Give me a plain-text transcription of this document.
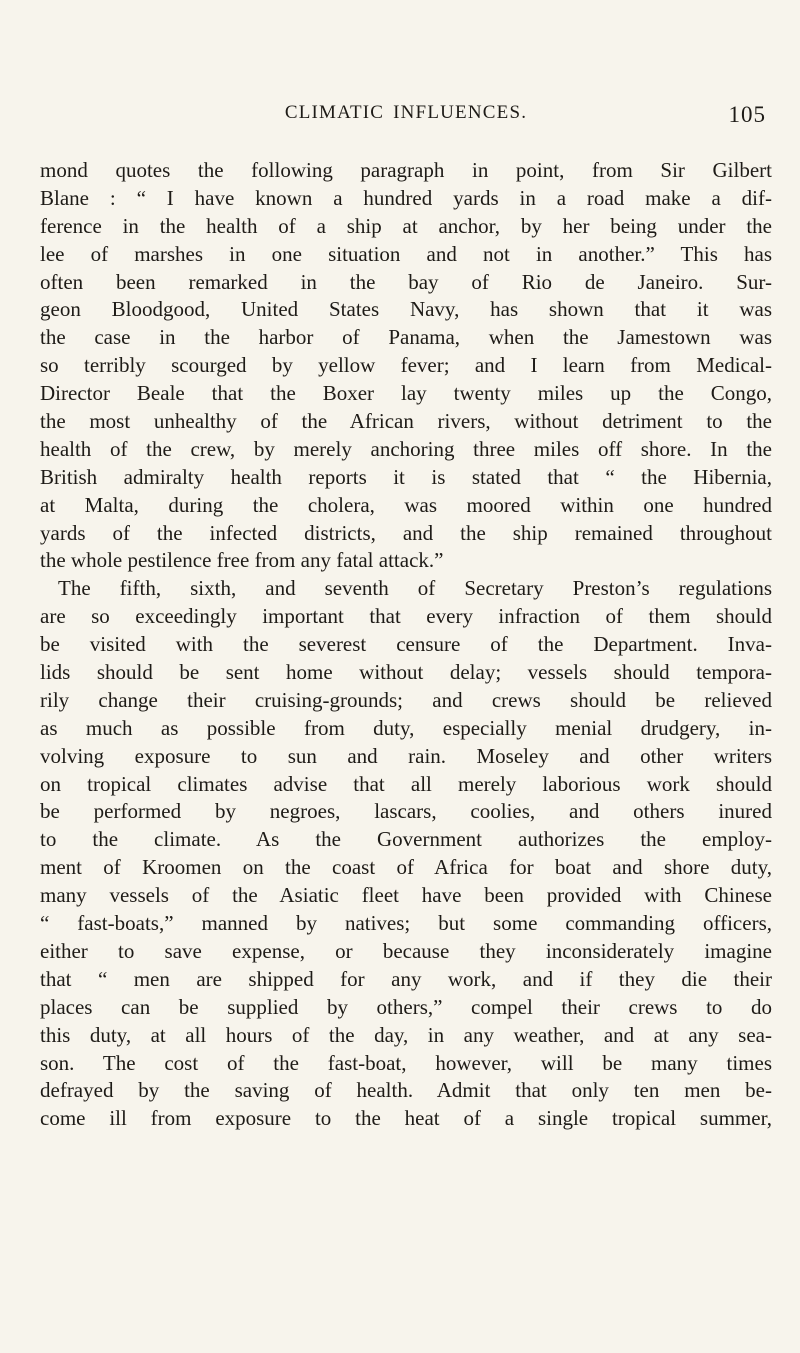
CLIMATIC INFLUENCES.	105
mond quotes the following paragraph in point, from Sir Gilbert
Blane : “ I have known a hundred yards in a road make a dif-
ference in the health of a ship at anchor, by her being under the
lee of marshes in one situation and not in another.” This has
often been remarked in the bay of Rio de Janeiro. Sur-
geon Bloodgood, United States Navy, has shown that it was
the case in the harbor of Panama, when the Jamestown was
so terribly scourged by yellow fever; and I learn from Medical-
Director Beale that the Boxer lay twenty miles up the Congo,
the most unhealthy of the African rivers, without detriment to the
health of the crew, by merely anchoring three miles off shore. In the
British admiralty health reports it is stated that “ the Hibernia,
at Malta, during the cholera, was moored within one hundred
yards of the infected districts, and the ship remained throughout
the whole pestilence free from any fatal attack.”
The fifth, sixth, and seventh of Secretary Preston’s regulations
are so exceedingly important that every infraction of them should
be visited with the severest censure of the Department. Inva-
lids should be sent home without delay; vessels should tempora-
rily change their cruising-grounds; and crews should be relieved
as much as possible from duty, especially menial drudgery, in-
volving exposure to sun and rain. Moseley and other writers
on tropical climates advise that all merely laborious work should
be performed by negroes, lascars, coolies, and others inured
to the climate. As the Government authorizes the employ-
ment of Kroomen on the coast of Africa for boat and shore duty,
many vessels of the Asiatic fleet have been provided with Chinese
“ fast-boats,” manned by natives; but some commanding officers,
either to save expense, or because they inconsiderately imagine
that “ men are shipped for any work, and if they die their
places can be supplied by others,” compel their crews to do
this duty, at all hours of the day, in any weather, and at any sea-
son. The cost of the fast-boat, however, will be many times
defrayed by the saving of health. Admit that only ten men be-
come ill from exposure to the heat of a single tropical summer,
